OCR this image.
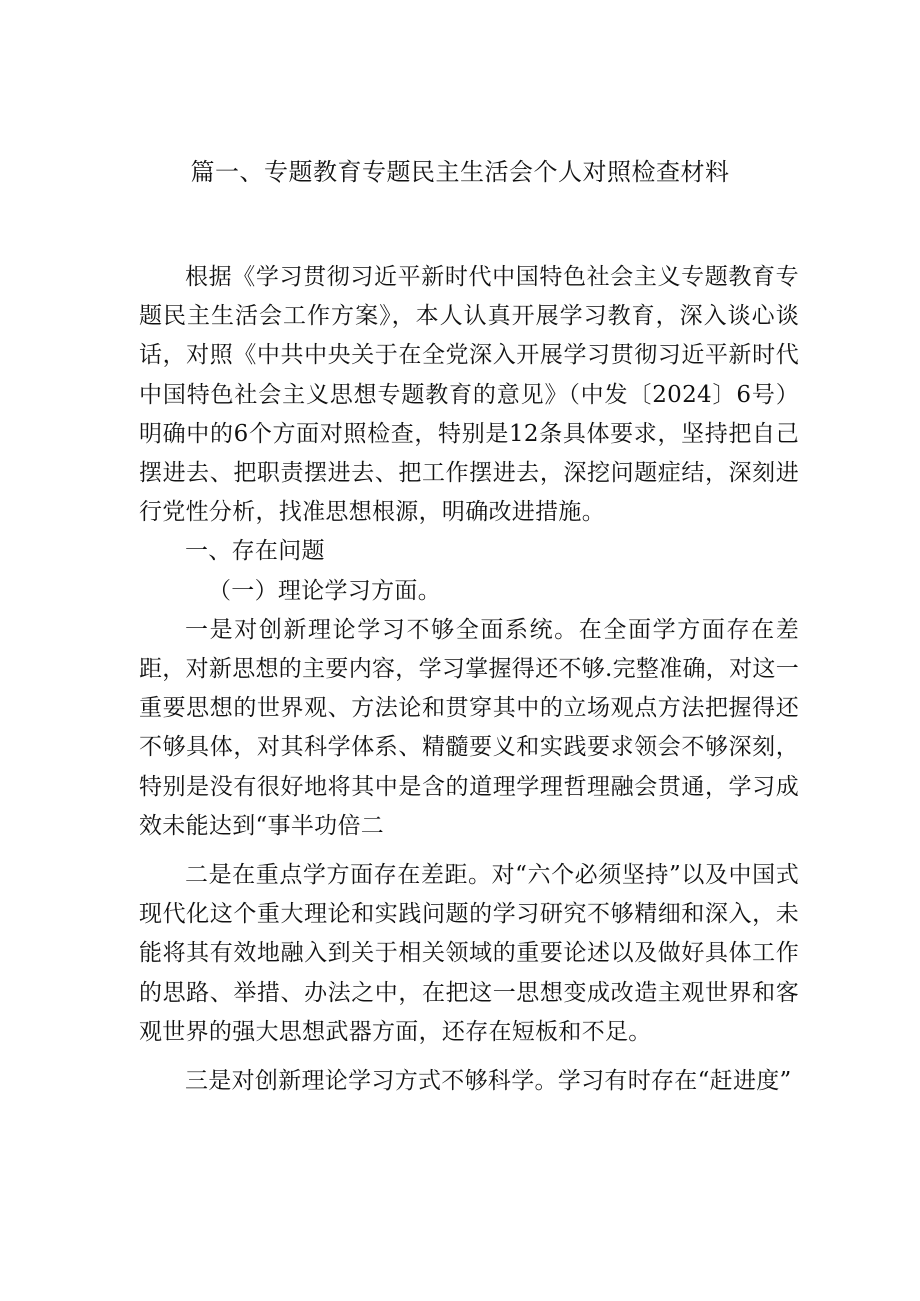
篇一、专题教育专题民主生活会个人对照检查材料

根据《学习贯彻习近平新时代中国特色社会主义专题教育专题民主生活会工作方案》，本人认真开展学习教育，深入谈心谈话，对照《中共中央关于在全党深入开展学习贯彻习近平新时代中国特色社会主义思想专题教育的意见》（中发〔2024〕6号）明确中的6个方面对照检查，特别是12条具体要求，坚持把自己摆进去、把职责摆进去、把工作摆进去，深挖问题症结，深刻进行党性分析，找准思想根源，明确改进措施。

一、存在问题

（一）理论学习方面。

一是对创新理论学习不够全面系统。在全面学方面存在差距，对新思想的主要内容，学习掌握得还不够.完整准确，对这一重要思想的世界观、方法论和贯穿其中的立场观点方法把握得还不够具体，对其科学体系、精髓要义和实践要求领会不够深刻，特别是没有很好地将其中是含的道理学理哲理融会贯通，学习成效未能达到“事半功倍二

二是在重点学方面存在差距。对“六个必须坚持”以及中国式现代化这个重大理论和实践问题的学习研究不够精细和深入，未能将其有效地融入到关于相关领域的重要论述以及做好具体工作的思路、举措、办法之中，在把这一思想变成改造主观世界和客观世界的强大思想武器方面，还存在短板和不足。

三是对创新理论学习方式不够科学。学习有时存在“赶进度”
